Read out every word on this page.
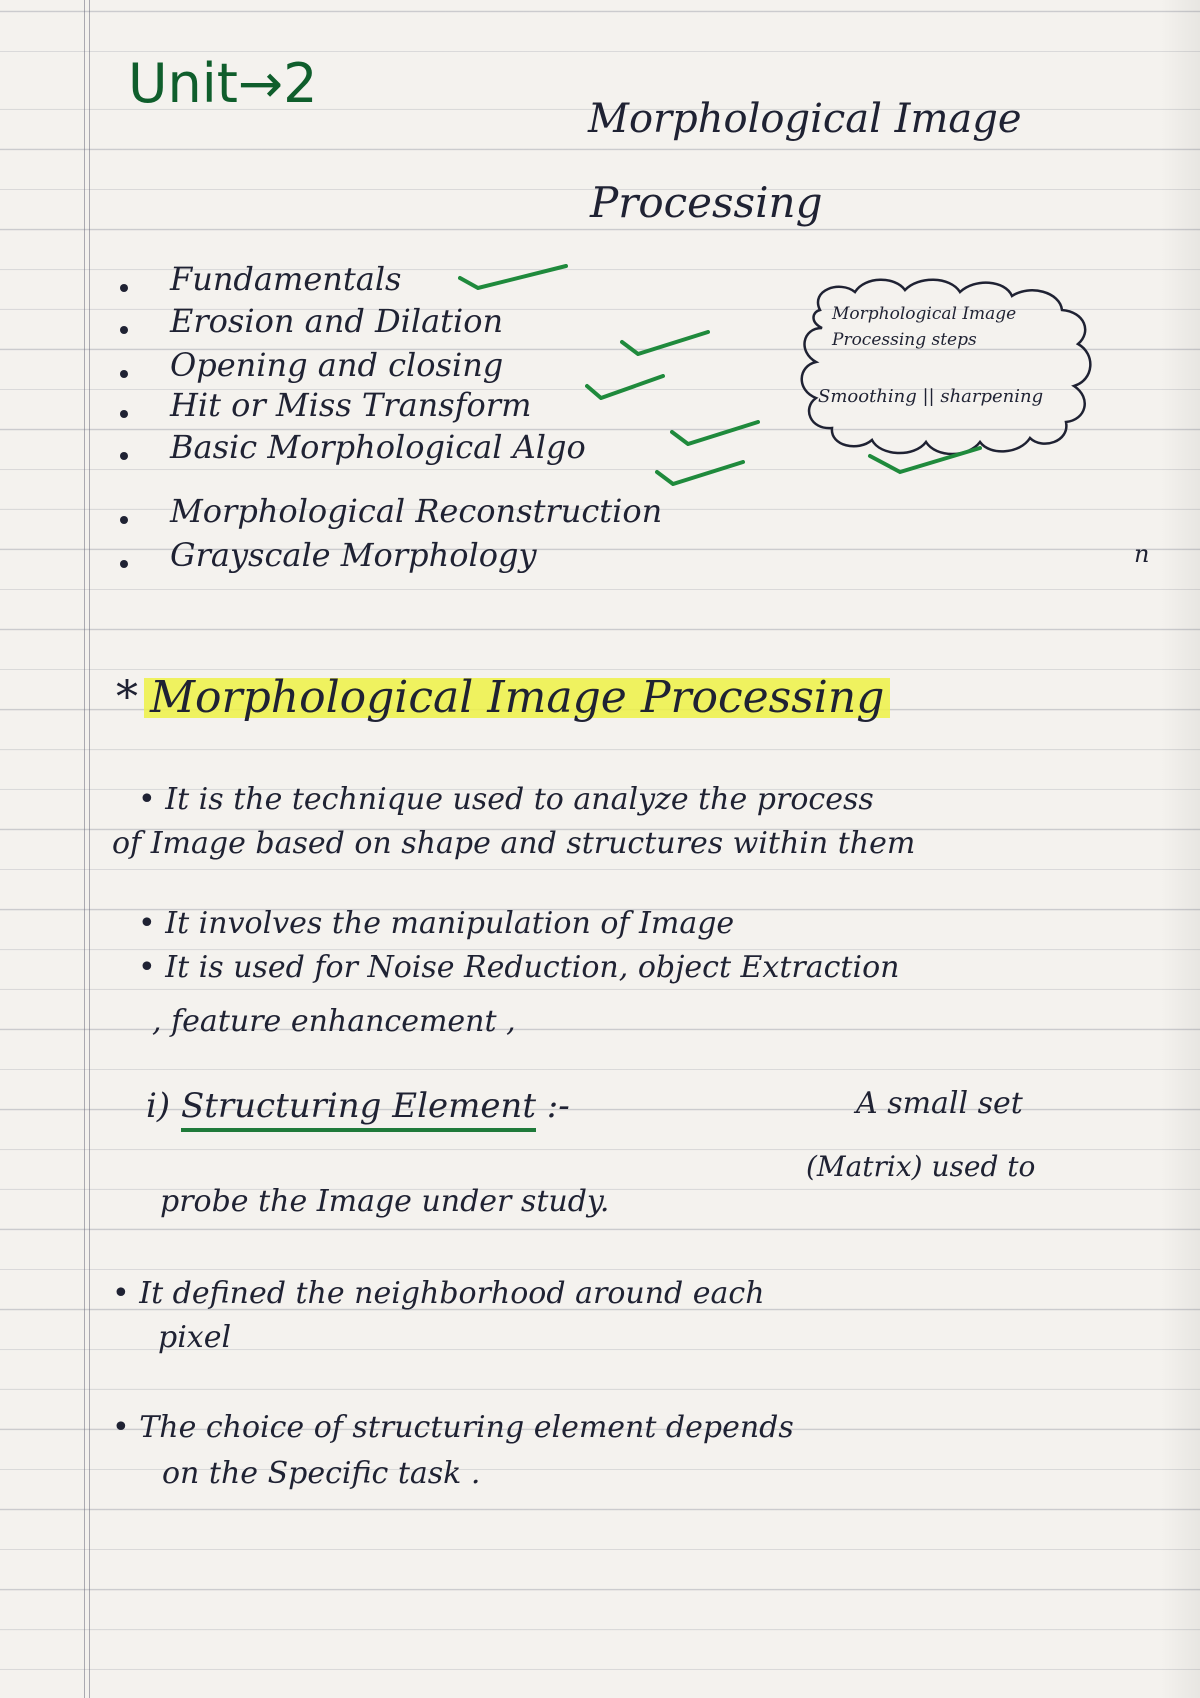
Unit→2
Morphological Image
Processing
Fundamentals
Erosion and Dilation
Opening and closing
Hit or Miss Transform
Basic Morphological Algo
Morphological Reconstruction
Grayscale Morphology
Morphological Image
Processing steps
Smoothing || sharpening
n
* Morphological Image Processing
• It is the technique used to analyze the process
of Image based on shape and structures within them
• It involves the manipulation of Image
• It is used for Noise Reduction, object Extraction
, feature enhancement ,
i) Structuring Element :-	A small set
(Matrix) used to
probe the Image under study.
• It defined the neighborhood around each
pixel
• The choice of structuring element depends
on the Specific task .
